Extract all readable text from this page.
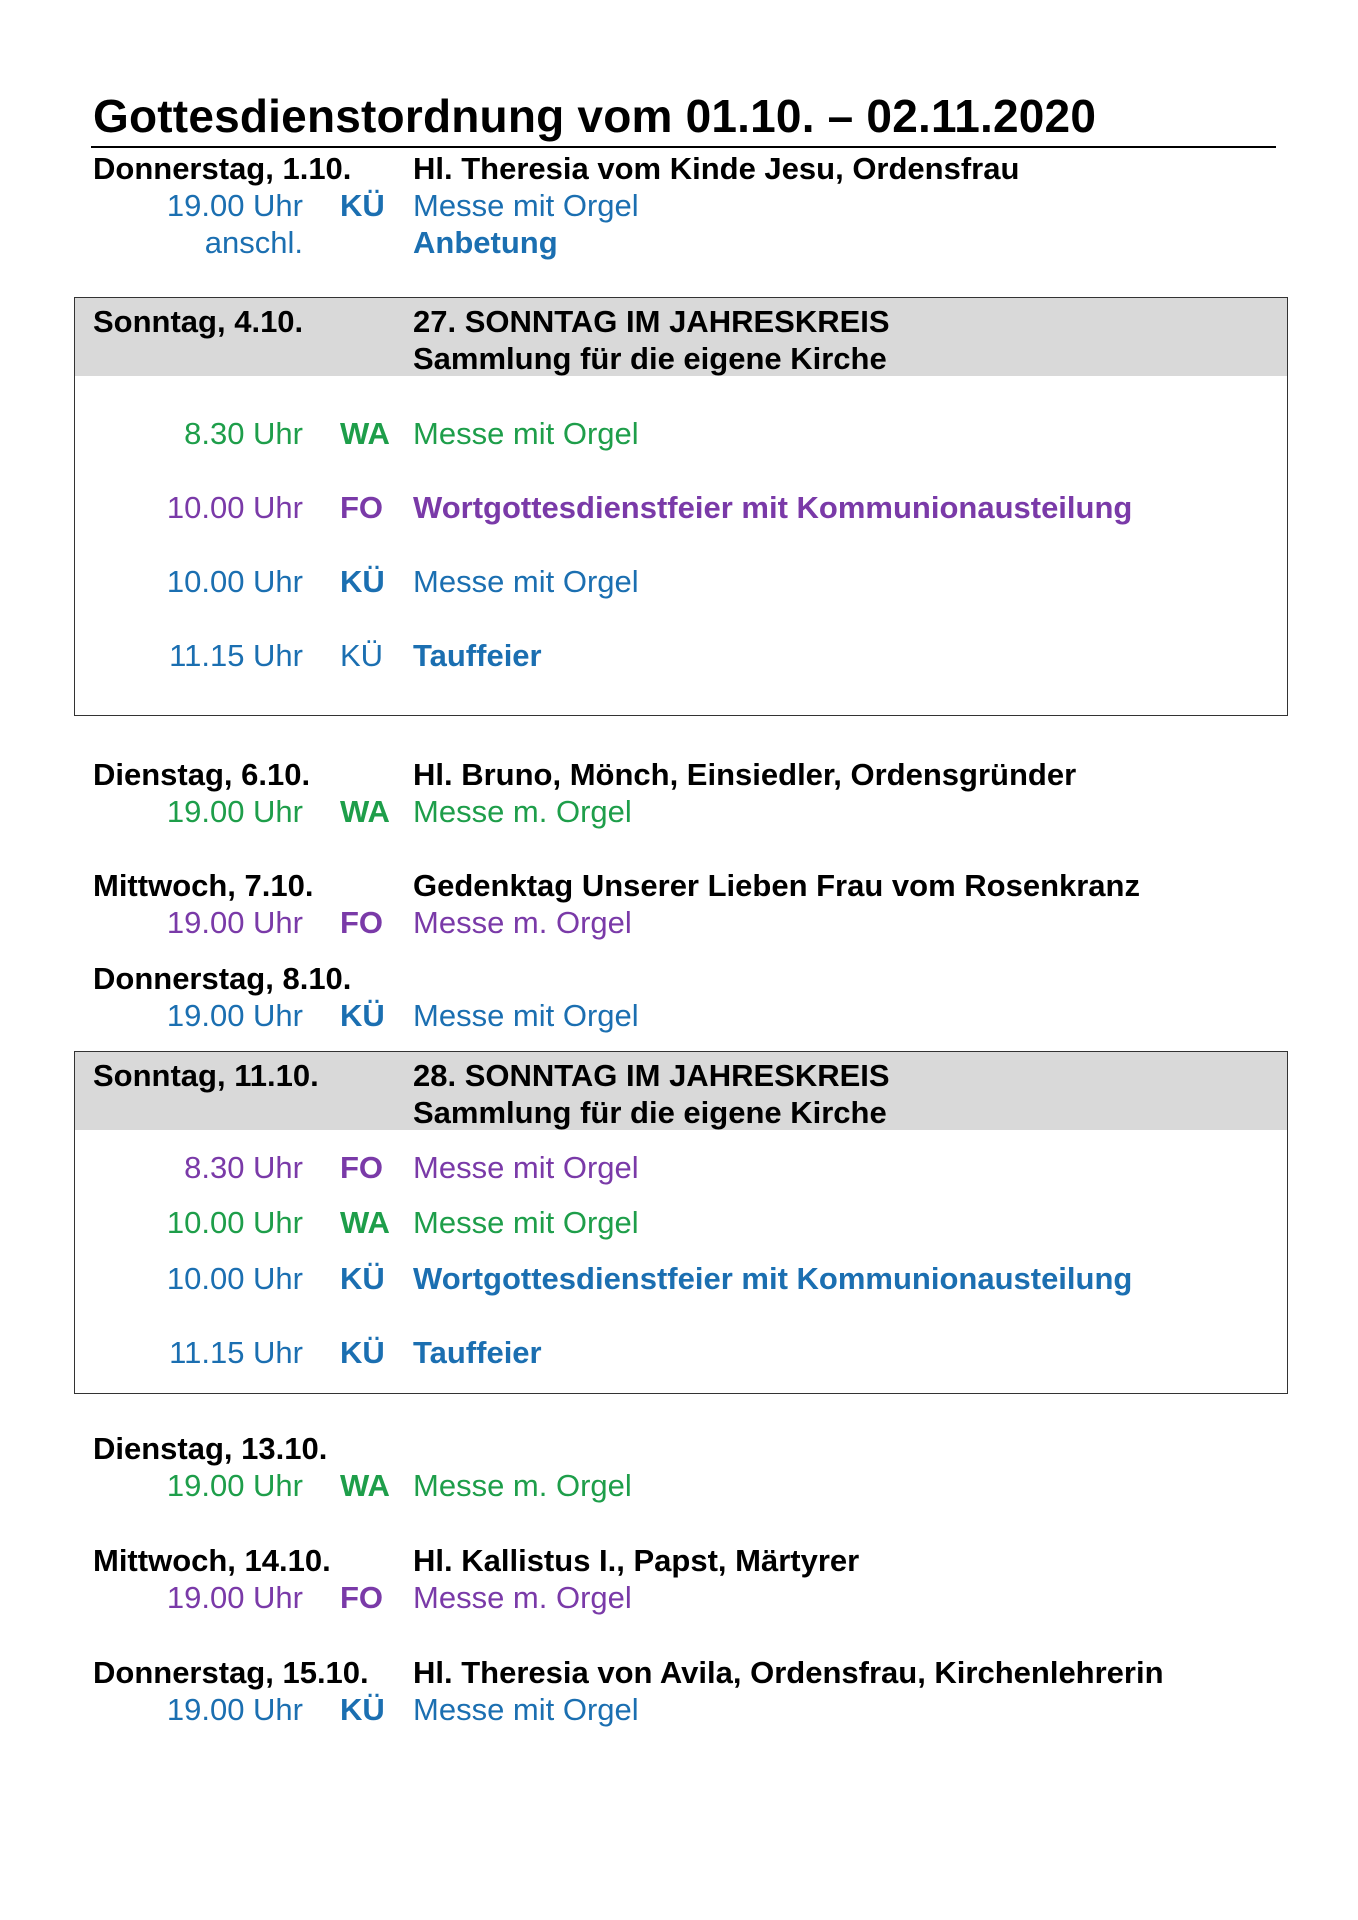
Gottesdienstordnung vom 01.10. – 02.11.2020
Donnerstag, 1.10. Hl. Theresia vom Kinde Jesu, Ordensfrau
19.00 Uhr KÜ Messe mit Orgel
anschl.	Anbetung
Sonntag, 4.10.	27. SONNTAG IM JAHRESKREIS
Sammlung für die eigene Kirche
8.30 Uhr WA Messe mit Orgel
10.00 Uhr FO Wortgottesdienstfeier mit Kommunionausteilung
10.00 Uhr KÜ Messe mit Orgel
11.15 Uhr KÜ Tauffeier
Dienstag, 6.10.	Hl. Bruno, Mönch, Einsiedler, Ordensgründer
19.00 Uhr WA Messe m. Orgel
Mittwoch, 7.10.	Gedenktag Unserer Lieben Frau vom Rosenkranz
19.00 Uhr FO Messe m. Orgel
Donnerstag, 8.10.
19.00 Uhr KÜ Messe mit Orgel
Sonntag, 11.10.	28. SONNTAG IM JAHRESKREIS
Sammlung für die eigene Kirche
8.30 Uhr FO Messe mit Orgel
10.00 Uhr WA Messe mit Orgel
10.00 Uhr KÜ Wortgottesdienstfeier mit Kommunionausteilung
11.15 Uhr KÜ Tauffeier
Dienstag, 13.10.
19.00 Uhr WA Messe m. Orgel
Mittwoch, 14.10.	Hl. Kallistus I., Papst, Märtyrer
19.00 Uhr FO Messe m. Orgel
Donnerstag, 15.10. Hl. Theresia von Avila, Ordensfrau, Kirchenlehrerin
19.00 Uhr KÜ Messe mit Orgel
